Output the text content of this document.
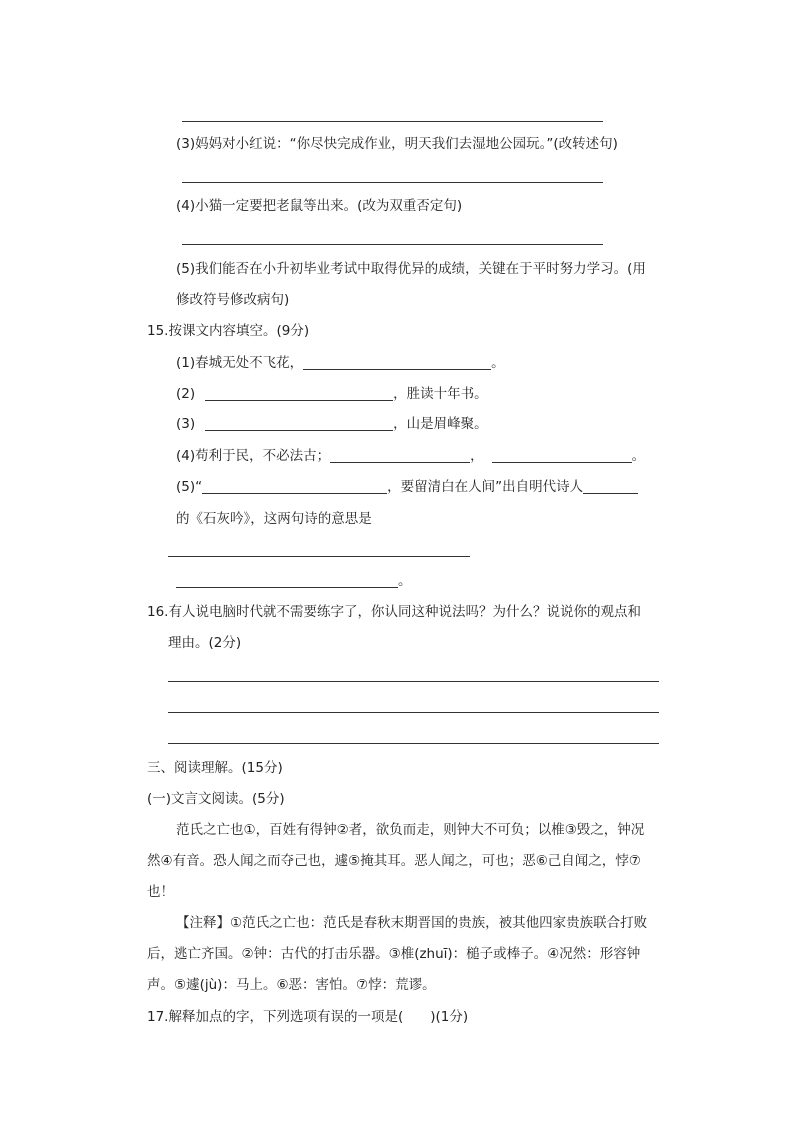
(3)妈妈对小红说：“你尽快完成作业，明天我们去湿地公园玩。”(改转述句)
(4)小猫一定要把老鼠等出来。(改为双重否定句)
(5)我们能否在小升初毕业考试中取得优异的成绩，关键在于平时努力学习。(用
修改符号修改病句)
15.按课文内容填空。(9分)
(1)春城无处不飞花，	。
(2)	，胜读十年书。
(3)	，山是眉峰聚。
(4)苟利于民，不必法古；	，	。
(5)“	，要留清白在人间”出自明代诗人
的《石灰吟》，这两句诗的意思是
。
16.有人说电脑时代就不需要练字了，你认同这种说法吗？为什么？说说你的观点和
理由。(2分)
三、阅读理解。(15分)
(一)文言文阅读。(5分)
范氏之亡也①，百姓有得钟②者，欲负而走，则钟大不可负；以椎③毁之，钟况
然④有音。恐人闻之而夺己也，遽⑤掩其耳。恶人闻之，可也；恶⑥己自闻之，悖⑦
也！
【注释】①范氏之亡也：范氏是春秋末期晋国的贵族，被其他四家贵族联合打败
后，逃亡齐国。②钟：古代的打击乐器。③椎(zhuī)：槌子或棒子。④况然：形容钟
声。⑤遽(jù)：马上。⑥恶：害怕。⑦悖：荒谬。
17.解释加点的字，下列选项有误的一项是(　　)(1分)
